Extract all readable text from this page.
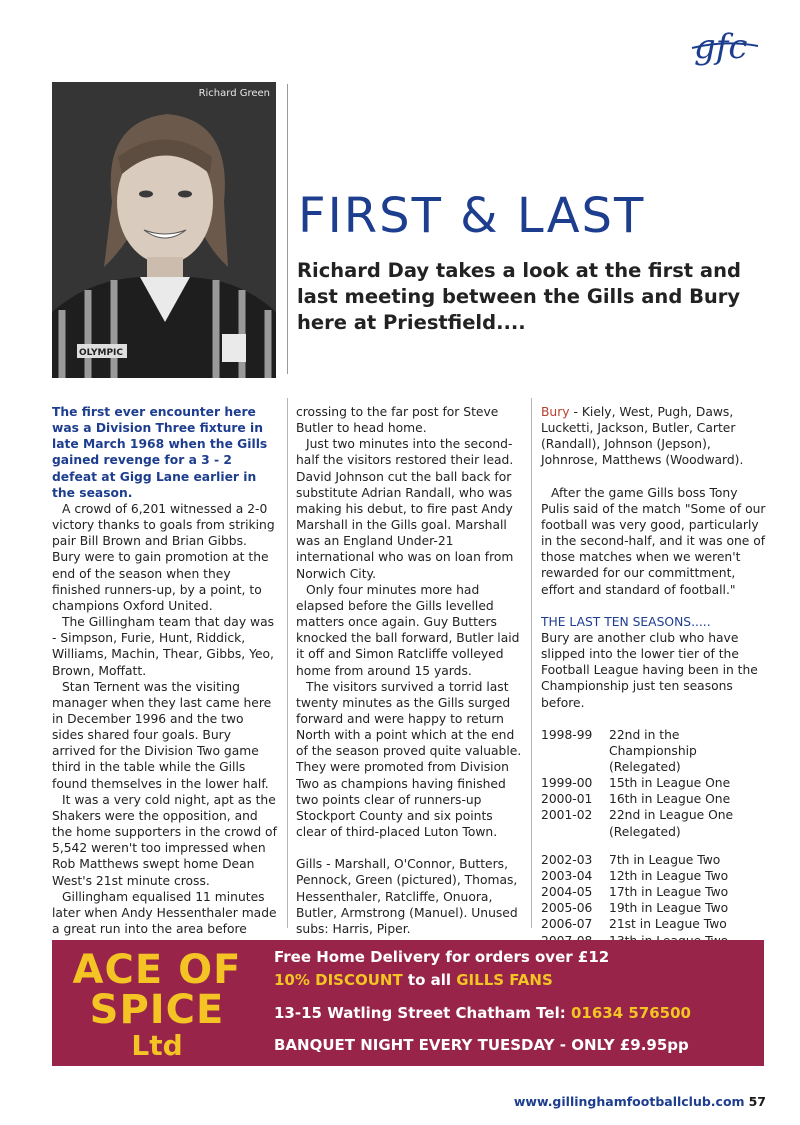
gfc
OLYMPIC
Richard Green
FIRST & LAST

Richard Day takes a look at the first and last meeting between the Gills and Bury here at Priestfield....

The first ever encounter here was a Division Three fixture in late March 1968 when the Gills gained revenge for a 3 - 2 defeat at Gigg Lane earlier in the season.

A crowd of 6,201 witnessed a 2-0 victory thanks to goals from striking pair Bill Brown and Brian Gibbs.

Bury were to gain promotion at the end of the season when they finished runners-up, by a point, to champions Oxford United.

The Gillingham team that day was - Simpson, Furie, Hunt, Riddick, Williams, Machin, Thear, Gibbs, Yeo, Brown, Moffatt.

Stan Ternent was the visiting manager when they last came here in December 1996 and the two sides shared four goals. Bury arrived for the Division Two game third in the table while the Gills found themselves in the lower half.

It was a very cold night, apt as the Shakers were the opposition, and the home supporters in the crowd of 5,542 weren't too impressed when Rob Matthews swept home Dean West's 21st minute cross.

Gillingham equalised 11 minutes later when Andy Hessenthaler made a great run into the area before

crossing to the far post for Steve Butler to head home.

Just two minutes into the second-half the visitors restored their lead. David Johnson cut the ball back for substitute Adrian Randall, who was making his debut, to fire past Andy Marshall in the Gills goal. Marshall was an England Under-21 international who was on loan from Norwich City.

Only four minutes more had elapsed before the Gills levelled matters once again. Guy Butters knocked the ball forward, Butler laid it off and Simon Ratcliffe volleyed home from around 15 yards.

The visitors survived a torrid last twenty minutes as the Gills surged forward and were happy to return North with a point which at the end of the season proved quite valuable. They were promoted from Division Two as champions having finished two points clear of runners-up Stockport County and six points clear of third-placed Luton Town.

Gills - Marshall, O'Connor, Butters, Pennock, Green (pictured), Thomas, Hessenthaler, Ratcliffe, Onuora, Butler, Armstrong (Manuel). Unused subs: Harris, Piper.

Bury - Kiely, West, Pugh, Daws, Lucketti, Jackson, Butler, Carter (Randall), Johnson (Jepson), Johnrose, Matthews (Woodward).

After the game Gills boss Tony Pulis said of the match "Some of our football was very good, particularly in the second-half, and it was one of those matches when we weren't rewarded for our committment, effort and standard of football."

THE LAST TEN SEASONS.....

Bury are another club who have slipped into the lower tier of the Football League having been in the Championship just ten seasons before.

1998-99	22nd in the Championship
(Relegated)

1999-00	15th in League One

2000-01	16th in League One

2001-02	22nd in League One
(Relegated)

2002-03	7th in League Two

2003-04	12th in League Two

2004-05	17th in League Two

2005-06	19th in League Two

2006-07	21st in League Two

ACE OF
SPICE
Ltd
Free Home Delivery for orders over £12
10% DISCOUNT to all GILLS FANS
13-15 Watling Street Chatham Tel: 01634 576500
BANQUET NIGHT EVERY TUESDAY - ONLY £9.95pp
www.gillinghamfootballclub.com 57
